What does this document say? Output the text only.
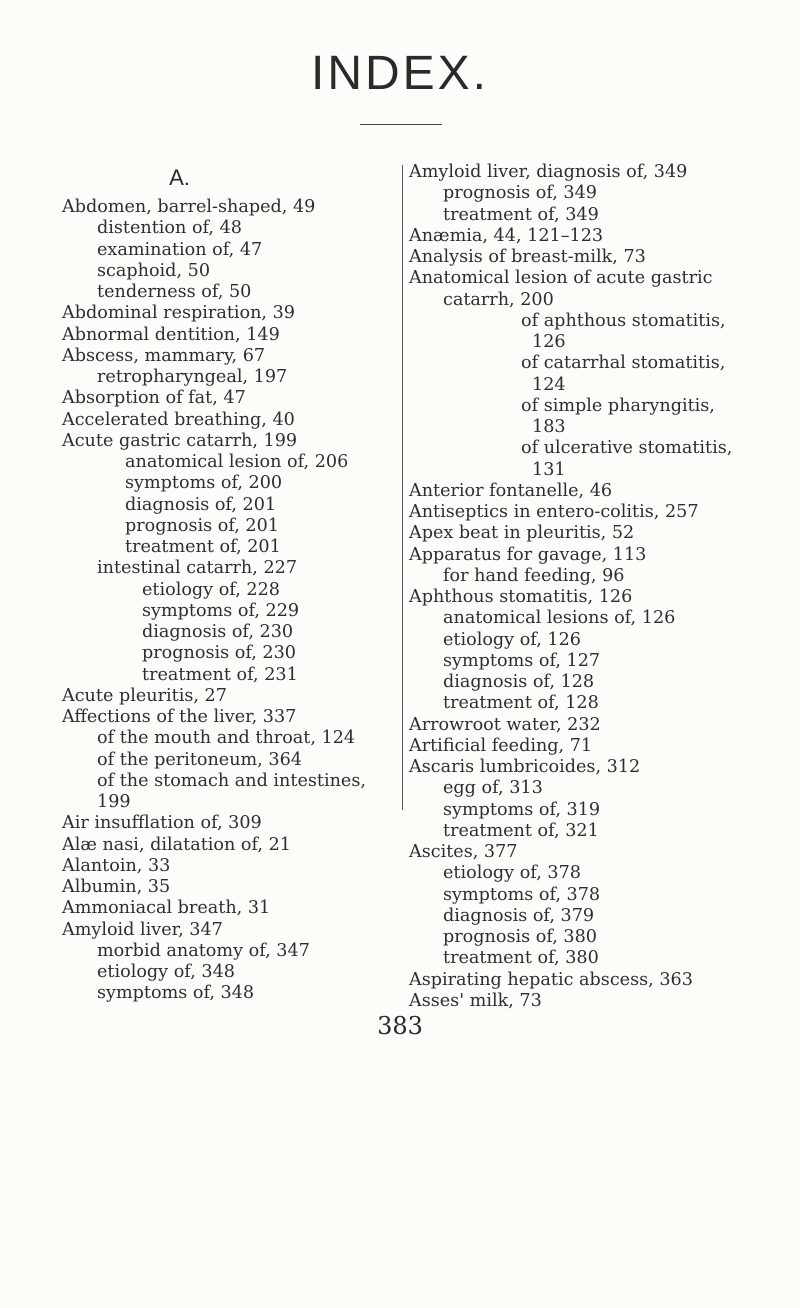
INDEX.
A.
Abdomen, barrel-shaped, 49
distention of, 48
examination of, 47
scaphoid, 50
tenderness of, 50
Abdominal respiration, 39
Abnormal dentition, 149
Abscess, mammary, 67
retropharyngeal, 197
Absorption of fat, 47
Accelerated breathing, 40
Acute gastric catarrh, 199
anatomical lesion of, 206
symptoms of, 200
diagnosis of, 201
prognosis of, 201
treatment of, 201
intestinal catarrh, 227
etiology of, 228
symptoms of, 229
diagnosis of, 230
prognosis of, 230
treatment of, 231
Acute pleuritis, 27
Affections of the liver, 337
of the mouth and throat, 124
of the peritoneum, 364
of the stomach and intestines,
199
Air insufflation of, 309
Alæ nasi, dilatation of, 21
Alantoin, 33
Albumin, 35
Ammoniacal breath, 31
Amyloid liver, 347
morbid anatomy of, 347
etiology of, 348
symptoms of, 348
Amyloid liver, diagnosis of, 349
prognosis of, 349
treatment of, 349
Anæmia, 44, 121–123
Analysis of breast-milk, 73
Anatomical lesion of acute gastric
catarrh, 200
of aphthous stomatitis,
126
of catarrhal stomatitis,
124
of simple pharyngitis,
183
of ulcerative stomatitis,
131
Anterior fontanelle, 46
Antiseptics in entero-colitis, 257
Apex beat in pleuritis, 52
Apparatus for gavage, 113
for hand feeding, 96
Aphthous stomatitis, 126
anatomical lesions of, 126
etiology of, 126
symptoms of, 127
diagnosis of, 128
treatment of, 128
Arrowroot water, 232
Artificial feeding, 71
Ascaris lumbricoides, 312
egg of, 313
symptoms of, 319
treatment of, 321
Ascites, 377
etiology of, 378
symptoms of, 378
diagnosis of, 379
prognosis of, 380
treatment of, 380
Aspirating hepatic abscess, 363
Asses' milk, 73
383
